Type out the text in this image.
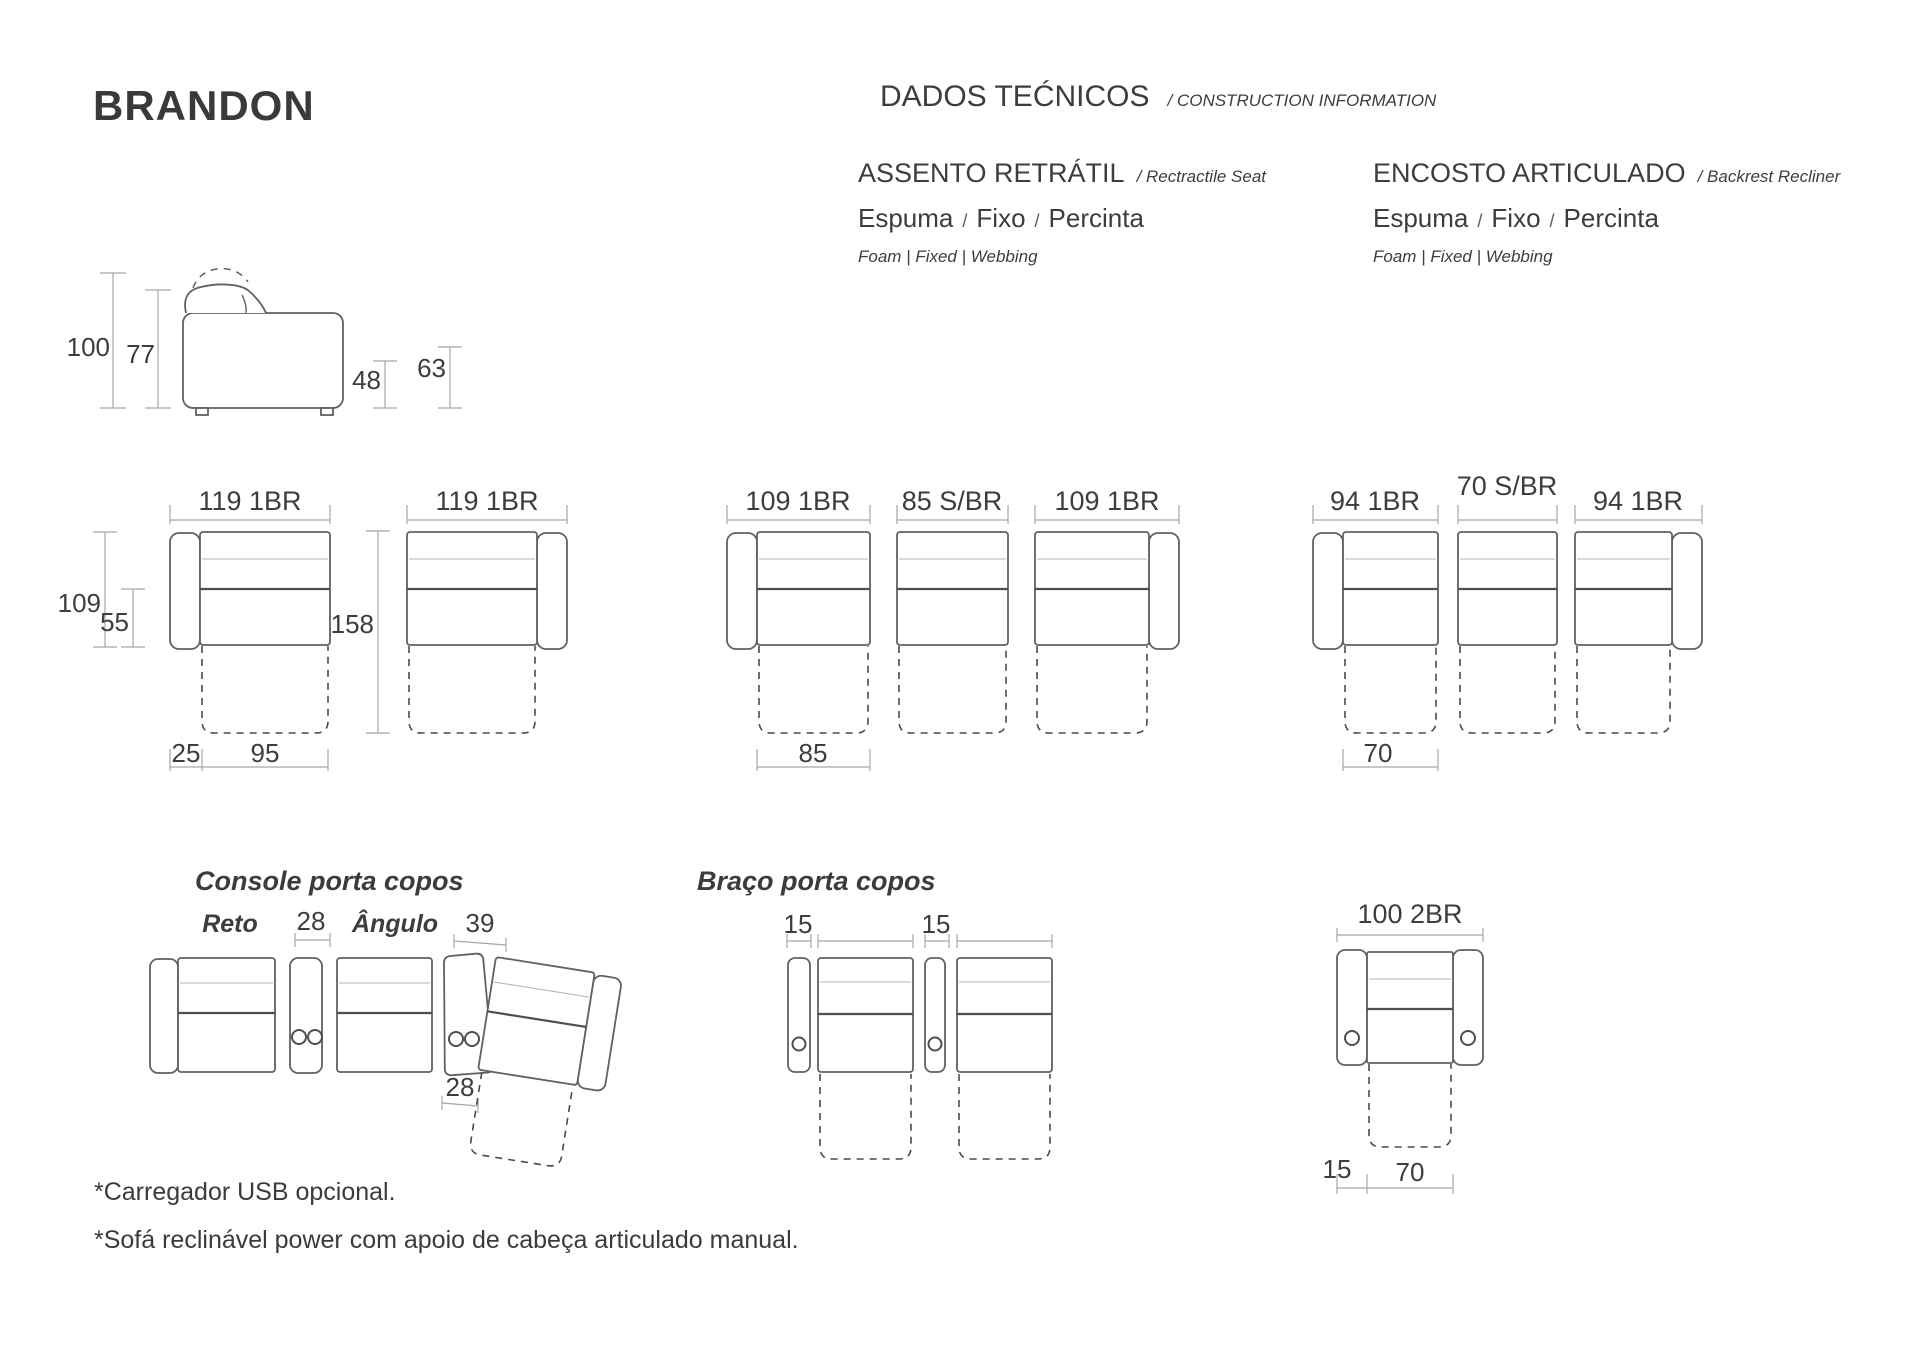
BRANDON	DADOS TEĆNICOS / CONSTRUCTION INFORMATION
ASSENTO RETRÁTIL / Rectractile Seat
Espuma / Fixo / Percinta
Foam | Fixed | Webbing
ENCOSTO ARTICULADO / Backrest Recliner
Espuma / Fixo / Percinta
Foam | Fixed | Webbing
100 77
48 63
119 1BR	119 1BR
109
55	158
25 95
109 1BR 85 S/BR 109 1BR
85
94 1BR 70 S/BR 94 1BR
70
Console porta copos	Braço porta copos
Reto 28 Ângulo 39
28
15	15	100 2BR
15 70
*Carregador USB opcional.
*Sofá reclinável power com apoio de cabeça articulado manual.
